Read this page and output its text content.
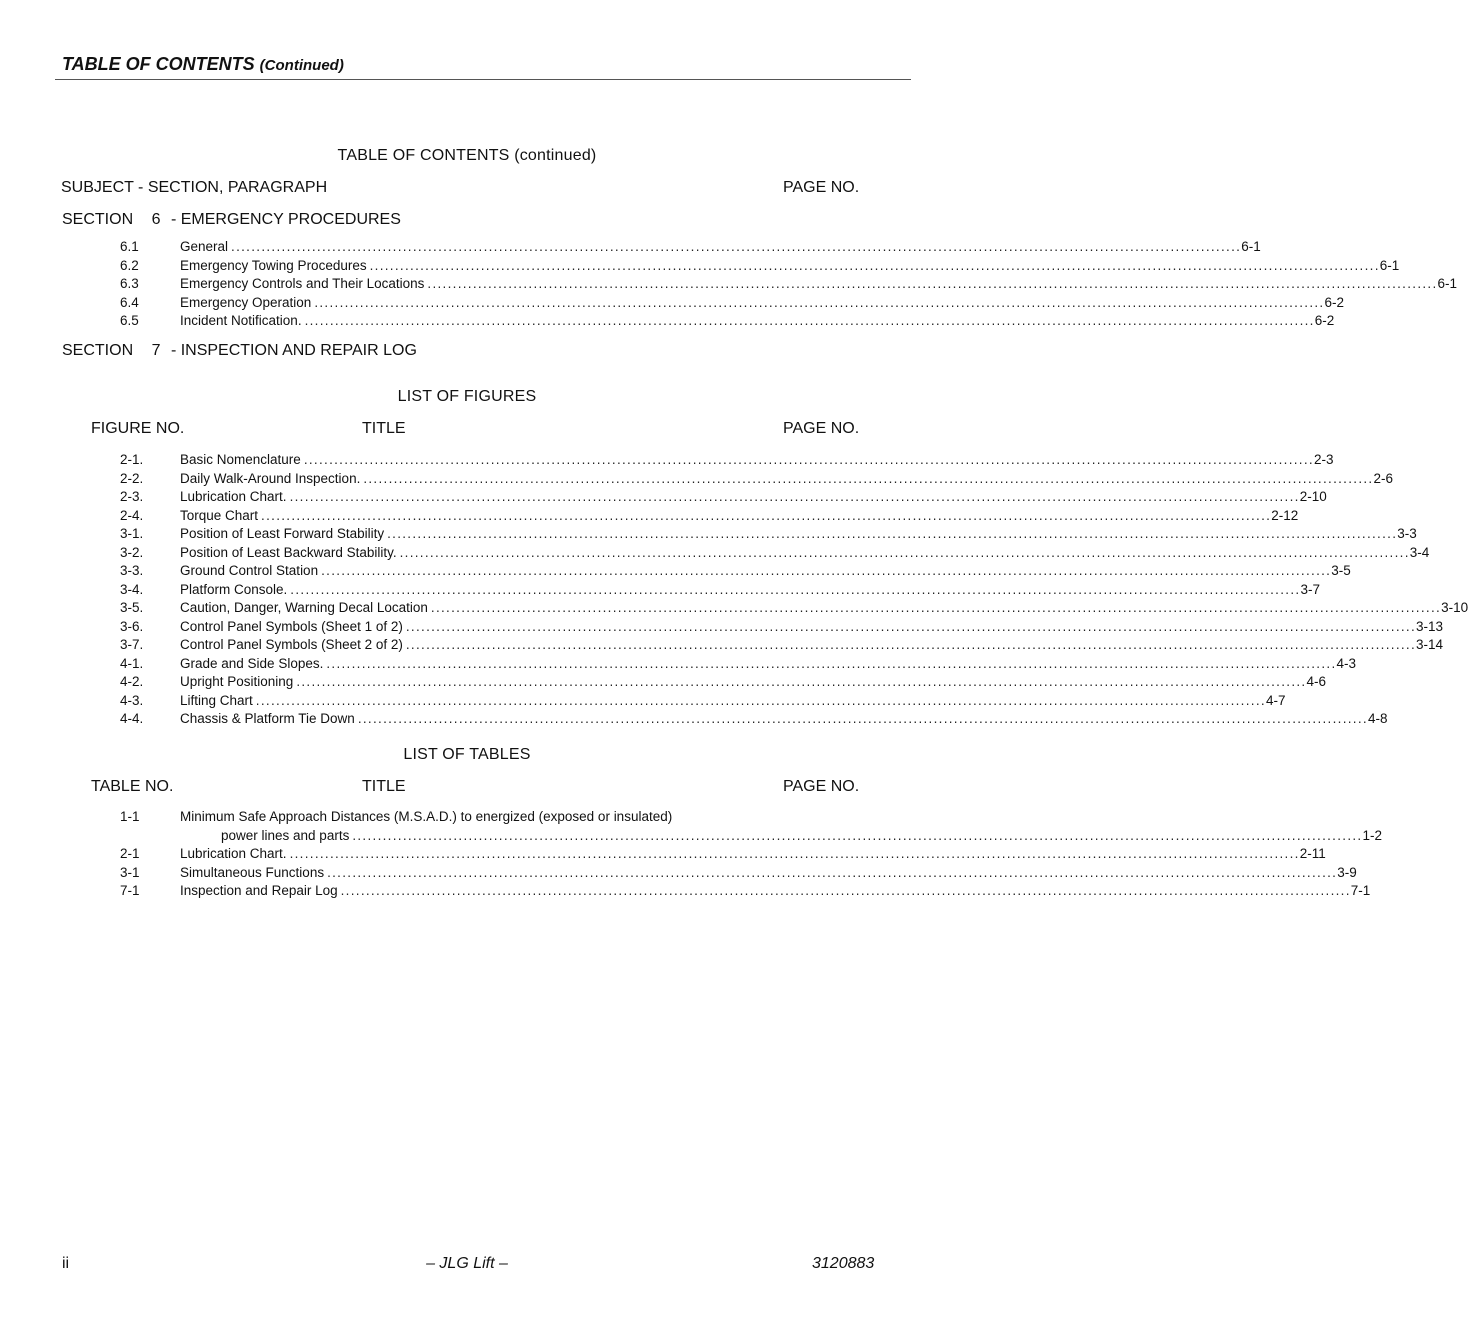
TABLE OF CONTENTS (Continued)
TABLE OF CONTENTS (continued)
SUBJECT - SECTION, PARAGRAPH	PAGE NO.
SECTION 6 - EMERGENCY PROCEDURES
6.1	General ........................................................................................................................................................................................................ 6-1
6.2	Emergency Towing Procedures ........................................................................................................................................................................................................ 6-1
6.3	Emergency Controls and Their Locations ........................................................................................................................................................................................................ 6-1
6.4	Emergency Operation ........................................................................................................................................................................................................ 6-2
6.5	Incident Notification. ........................................................................................................................................................................................................ 6-2
SECTION 7 - INSPECTION AND REPAIR LOG
LIST OF FIGURES
FIGURE NO.	TITLE	PAGE NO.
2-1.	Basic Nomenclature ........................................................................................................................................................................................................ 2-3
2-2.	Daily Walk-Around Inspection. ........................................................................................................................................................................................................ 2-6
2-3.	Lubrication Chart. ........................................................................................................................................................................................................ 2-10
2-4.	Torque Chart ........................................................................................................................................................................................................ 2-12
3-1.	Position of Least Forward Stability ........................................................................................................................................................................................................ 3-3
3-2.	Position of Least Backward Stability. ........................................................................................................................................................................................................ 3-4
3-3.	Ground Control Station ........................................................................................................................................................................................................ 3-5
3-4.	Platform Console. ........................................................................................................................................................................................................ 3-7
3-5.	Caution, Danger, Warning Decal Location ........................................................................................................................................................................................................ 3-10
3-6.	Control Panel Symbols (Sheet 1 of 2) ........................................................................................................................................................................................................ 3-13
3-7.	Control Panel Symbols (Sheet 2 of 2) ........................................................................................................................................................................................................ 3-14
4-1.	Grade and Side Slopes. ........................................................................................................................................................................................................ 4-3
4-2.	Upright Positioning ........................................................................................................................................................................................................ 4-6
4-3.	Lifting Chart ........................................................................................................................................................................................................ 4-7
4-4.	Chassis & Platform Tie Down ........................................................................................................................................................................................................ 4-8
LIST OF TABLES
TABLE NO.	TITLE	PAGE NO.
1-1	Minimum Safe Approach Distances (M.S.A.D.) to energized (exposed or insulated)
power lines and parts ........................................................................................................................................................................................................ 1-2
2-1	Lubrication Chart. ........................................................................................................................................................................................................ 2-11
3-1	Simultaneous Functions ........................................................................................................................................................................................................ 3-9
7-1	Inspection and Repair Log ........................................................................................................................................................................................................ 7-1
ii	– JLG Lift –	3120883
